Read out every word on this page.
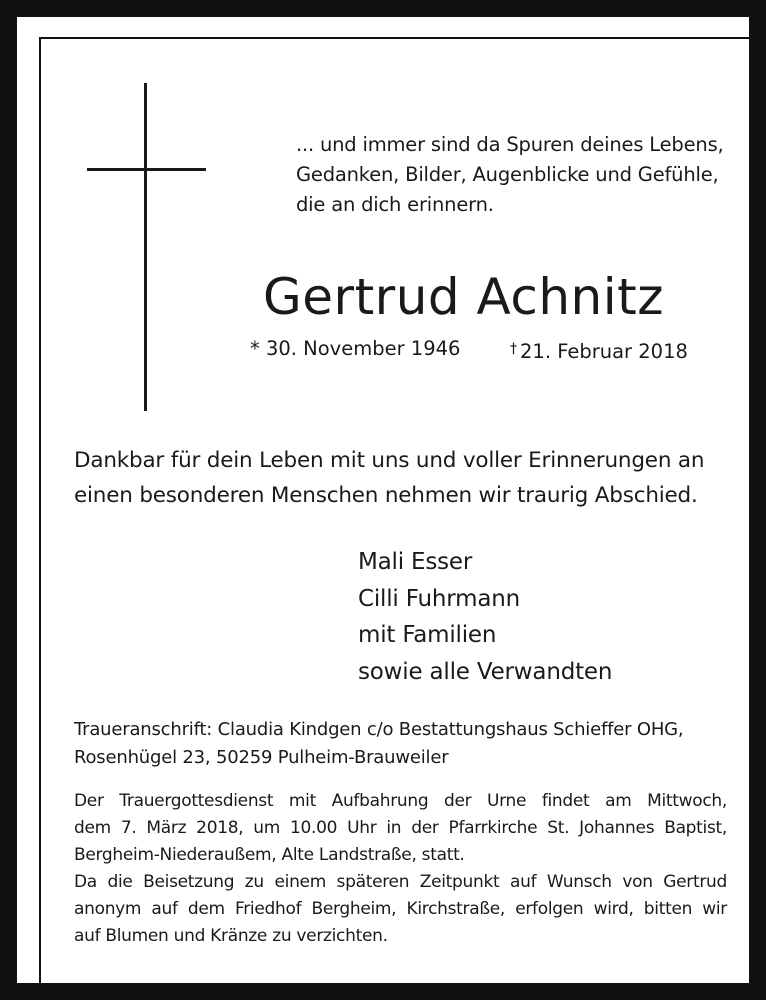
... und immer sind da Spuren deines Lebens,
Gedanken, Bilder, Augenblicke und Gefühle,
die an dich erinnern.
Gertrud Achnitz
* 30. November 1946	† 21. Februar 2018
Dankbar für dein Leben mit uns und voller Erinnerungen an
einen besonderen Menschen nehmen wir traurig Abschied.
Mali Esser
Cilli Fuhrmann
mit Familien
sowie alle Verwandten
Traueranschrift: Claudia Kindgen c/o Bestattungshaus Schieffer OHG,
Rosenhügel 23, 50259 Pulheim-Brauweiler
Der Trauergottesdienst mit Aufbahrung der Urne findet am Mittwoch,
dem 7. März 2018, um 10.00 Uhr in der Pfarrkirche St. Johannes Baptist,
Bergheim-Niederaußem, Alte Landstraße, statt.
Da die Beisetzung zu einem späteren Zeitpunkt auf Wunsch von Gertrud
anonym auf dem Friedhof Bergheim, Kirchstraße, erfolgen wird, bitten wir
auf Blumen und Kränze zu verzichten.
